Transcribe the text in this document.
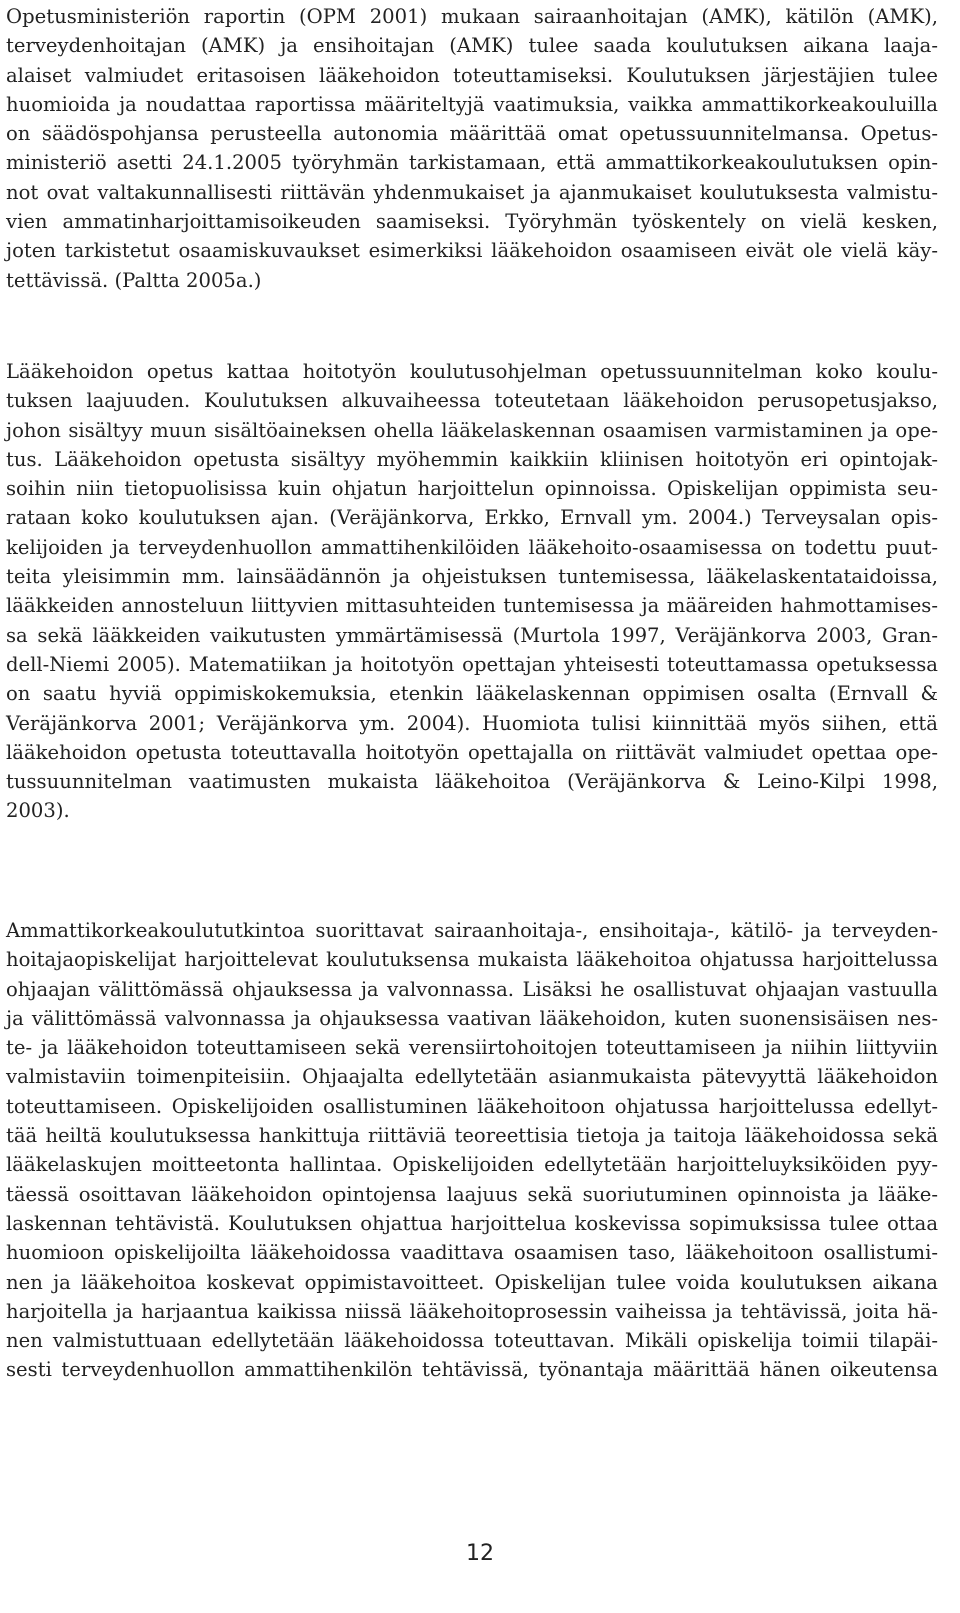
Opetusministeriön raportin (OPM 2001) mukaan sairaanhoitajan (AMK), kätilön (AMK),
terveydenhoitajan (AMK) ja ensihoitajan (AMK) tulee saada koulutuksen aikana laaja-
alaiset valmiudet eritasoisen lääkehoidon toteuttamiseksi. Koulutuksen järjestäjien tulee
huomioida ja noudattaa raportissa määriteltyjä vaatimuksia, vaikka ammattikorkeakouluilla
on säädöspohjansa perusteella autonomia määrittää omat opetussuunnitelmansa. Opetus-
ministeriö asetti 24.1.2005 työryhmän tarkistamaan, että ammattikorkeakoulutuksen opin-
not ovat valtakunnallisesti riittävän yhdenmukaiset ja ajanmukaiset koulutuksesta valmistu-
vien ammatinharjoittamisoikeuden saamiseksi. Työryhmän työskentely on vielä kesken,
joten tarkistetut osaamiskuvaukset esimerkiksi lääkehoidon osaamiseen eivät ole vielä käy-
tettävissä. (Paltta 2005a.)
Lääkehoidon opetus kattaa hoitotyön koulutusohjelman opetussuunnitelman koko koulu-
tuksen laajuuden. Koulutuksen alkuvaiheessa toteutetaan lääkehoidon perusopetusjakso,
johon sisältyy muun sisältöaineksen ohella lääkelaskennan osaamisen varmistaminen ja ope-
tus. Lääkehoidon opetusta sisältyy myöhemmin kaikkiin kliinisen hoitotyön eri opintojak-
soihin niin tietopuolisissa kuin ohjatun harjoittelun opinnoissa. Opiskelijan oppimista seu-
rataan koko koulutuksen ajan. (Veräjänkorva, Erkko, Ernvall ym. 2004.) Terveysalan opis-
kelijoiden ja terveydenhuollon ammattihenkilöiden lääkehoito-osaamisessa on todettu puut-
teita yleisimmin mm. lainsäädännön ja ohjeistuksen tuntemisessa, lääkelaskentataidoissa,
lääkkeiden annosteluun liittyvien mittasuhteiden tuntemisessa ja määreiden hahmottamises-
sa sekä lääkkeiden vaikutusten ymmärtämisessä (Murtola 1997, Veräjänkorva 2003, Gran-
dell-Niemi 2005). Matematiikan ja hoitotyön opettajan yhteisesti toteuttamassa opetuksessa
on saatu hyviä oppimiskokemuksia, etenkin lääkelaskennan oppimisen osalta (Ernvall &
Veräjänkorva 2001; Veräjänkorva ym. 2004). Huomiota tulisi kiinnittää myös siihen, että
lääkehoidon opetusta toteuttavalla hoitotyön opettajalla on riittävät valmiudet opettaa ope-
tussuunnitelman vaatimusten mukaista lääkehoitoa (Veräjänkorva & Leino-Kilpi 1998,
2003).
Ammattikorkeakoulututkintoa suorittavat sairaanhoitaja-, ensihoitaja-, kätilö- ja terveyden-
hoitajaopiskelijat harjoittelevat koulutuksensa mukaista lääkehoitoa ohjatussa harjoittelussa
ohjaajan välittömässä ohjauksessa ja valvonnassa. Lisäksi he osallistuvat ohjaajan vastuulla
ja välittömässä valvonnassa ja ohjauksessa vaativan lääkehoidon, kuten suonensisäisen nes-
te- ja lääkehoidon toteuttamiseen sekä verensiirtohoitojen toteuttamiseen ja niihin liittyviin
valmistaviin toimenpiteisiin. Ohjaajalta edellytetään asianmukaista pätevyyttä lääkehoidon
toteuttamiseen. Opiskelijoiden osallistuminen lääkehoitoon ohjatussa harjoittelussa edellyt-
tää heiltä koulutuksessa hankittuja riittäviä teoreettisia tietoja ja taitoja lääkehoidossa sekä
lääkelaskujen moitteetonta hallintaa. Opiskelijoiden edellytetään harjoitteluyksiköiden pyy-
täessä osoittavan lääkehoidon opintojensa laajuus sekä suoriutuminen opinnoista ja lääke-
laskennan tehtävistä. Koulutuksen ohjattua harjoittelua koskevissa sopimuksissa tulee ottaa
huomioon opiskelijoilta lääkehoidossa vaadittava osaamisen taso, lääkehoitoon osallistumi-
nen ja lääkehoitoa koskevat oppimistavoitteet. Opiskelijan tulee voida koulutuksen aikana
harjoitella ja harjaantua kaikissa niissä lääkehoitoprosessin vaiheissa ja tehtävissä, joita hä-
nen valmistuttuaan edellytetään lääkehoidossa toteuttavan. Mikäli opiskelija toimii tilapäi-
sesti terveydenhuollon ammattihenkilön tehtävissä, työnantaja määrittää hänen oikeutensa
12
